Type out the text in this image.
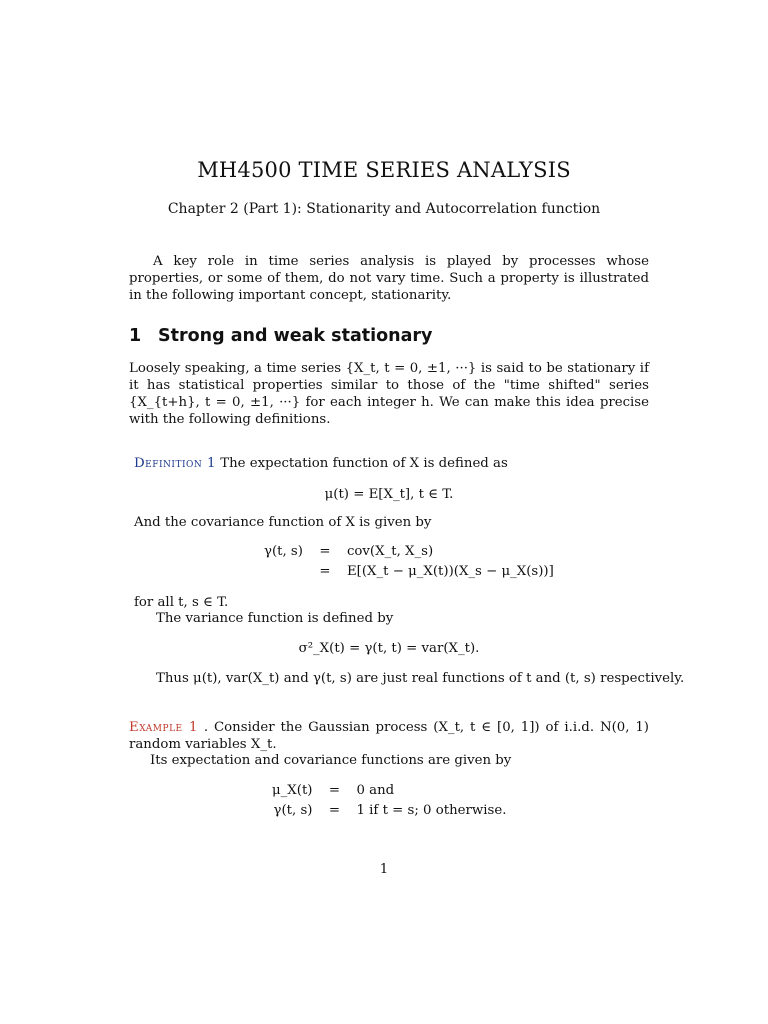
MH4500 TIME SERIES ANALYSIS
Chapter 2 (Part 1): Stationarity and Autocorrelation function
A key role in time series analysis is played by processes whose properties, or some of them, do not vary time. Such a property is illustrated in the following important concept, stationarity.
1 Strong and weak stationary
Loosely speaking, a time series {X_t, t = 0, ±1, ···} is said to be stationary if it has statistical properties similar to those of the "time shifted" series {X_{t+h}, t = 0, ±1, ···} for each integer h. We can make this idea precise with the following definitions.
Definition 1 The expectation function of X is defined as
μ(t) = E[X_t], t ∈ T.
And the covariance function of X is given by
γ(t, s)	=	cov(X_t, X_s)
	=	E[(X_t − μ_X(t))(X_s − μ_X(s))]
for all t, s ∈ T.
The variance function is defined by
σ²_X(t) = γ(t, t) = var(X_t).
Thus μ(t), var(X_t) and γ(t, s) are just real functions of t and (t, s) respectively.
Example 1 . Consider the Gaussian process (X_t, t ∈ [0, 1]) of i.i.d. N(0, 1) random variables X_t.
Its expectation and covariance functions are given by
μ_X(t)	=	0 and
γ(t, s)	=	1 if t = s; 0 otherwise.
1
